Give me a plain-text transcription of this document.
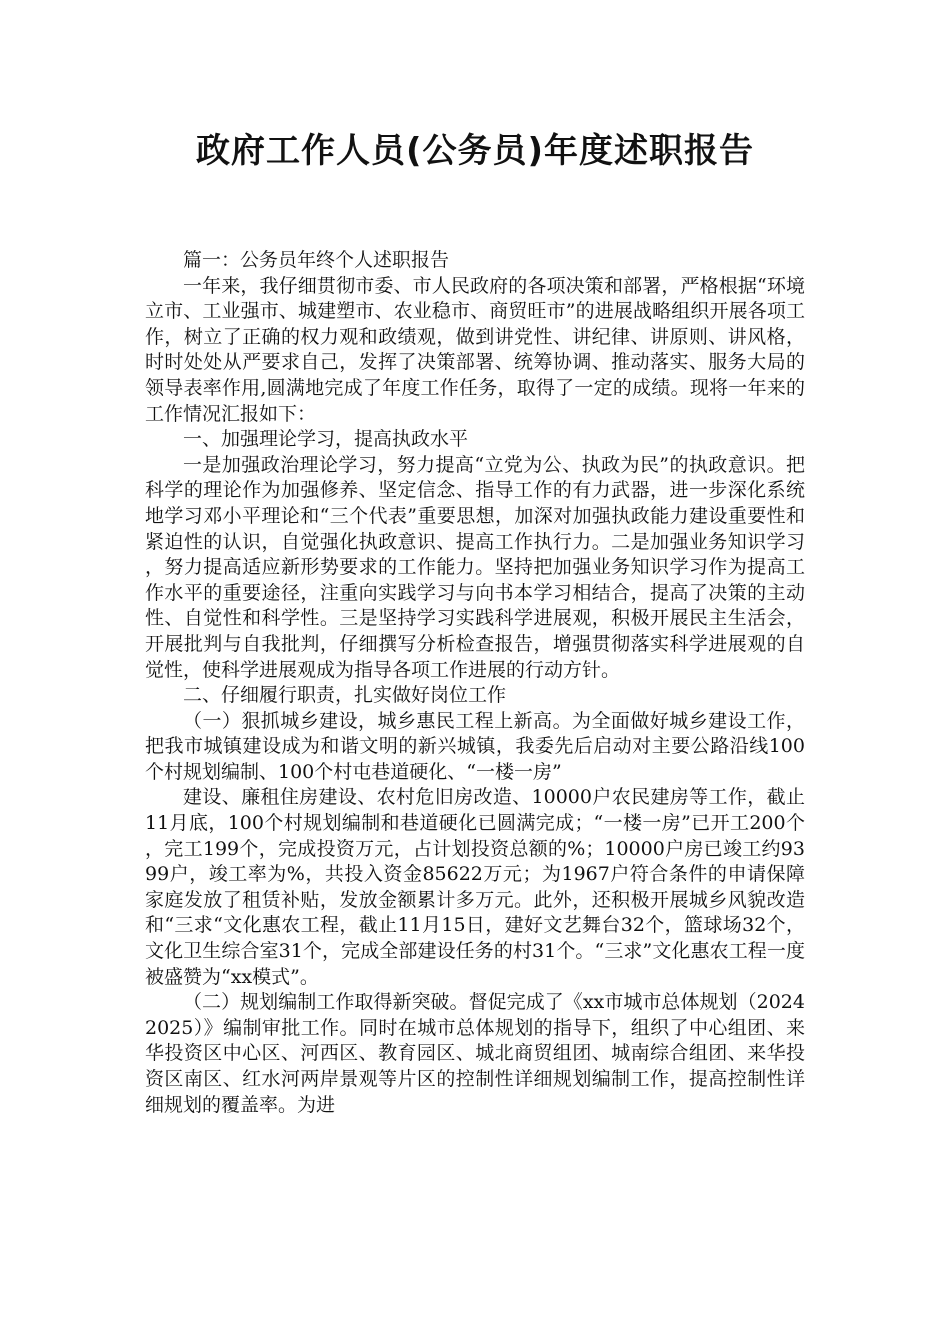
政府工作人员(公务员)年度述职报告

篇一：公务员年终个人述职报告

一年来，我仔细贯彻市委、市人民政府的各项决策和部署，严格根据“环境立市、工业强市、城建塑市、农业稳市、商贸旺市”的进展战略组织开展各项工作，树立了正确的权力观和政绩观，做到讲党性、讲纪律、讲原则、讲风格，时时处处从严要求自己，发挥了决策部署、统筹协调、推动落实、服务大局的领导表率作用,圆满地完成了年度工作任务，取得了一定的成绩。现将一年来的工作情况汇报如下：

一、加强理论学习，提高执政水平

一是加强政治理论学习，努力提高“立党为公、执政为民”的执政意识。把科学的理论作为加强修养、坚定信念、指导工作的有力武器，进一步深化系统地学习邓小平理论和“三个代表”重要思想，加深对加强执政能力建设重要性和紧迫性的认识，自觉强化执政意识、提高工作执行力。二是加强业务知识学习，努力提高适应新形势要求的工作能力。坚持把加强业务知识学习作为提高工作水平的重要途径，注重向实践学习与向书本学习相结合，提高了决策的主动性、自觉性和科学性。三是坚持学习实践科学进展观，积极开展民主生活会，开展批判与自我批判，仔细撰写分析检查报告，增强贯彻落实科学进展观的自觉性，使科学进展观成为指导各项工作进展的行动方针。

二、仔细履行职责，扎实做好岗位工作

（一）狠抓城乡建设，城乡惠民工程上新高。为全面做好城乡建设工作，把我市城镇建设成为和谐文明的新兴城镇，我委先后启动对主要公路沿线100个村规划编制、100个村屯巷道硬化、“一楼一房”

建设、廉租住房建设、农村危旧房改造、10000户农民建房等工作，截止11月底，100个村规划编制和巷道硬化已圆满完成；“一楼一房”已开工200个，完工199个，完成投资万元，占计划投资总额的%；10000户房已竣工约9399户，竣工率为%，共投入资金85622万元；为1967户符合条件的申请保障家庭发放了租赁补贴，发放金额累计多万元。此外，还积极开展城乡风貌改造和“三求“文化惠农工程，截止11月15日，建好文艺舞台32个，篮球场32个，文化卫生综合室31个，完成全部建设任务的村31个。“三求”文化惠农工程一度被盛赞为“xx模式”。

（二）规划编制工作取得新突破。督促完成了《xx市城市总体规划（20242025）》编制审批工作。同时在城市总体规划的指导下，组织了中心组团、来华投资区中心区、河西区、教育园区、城北商贸组团、城南综合组团、来华投资区南区、红水河两岸景观等片区的控制性详细规划编制工作，提高控制性详细规划的覆盖率。为进
